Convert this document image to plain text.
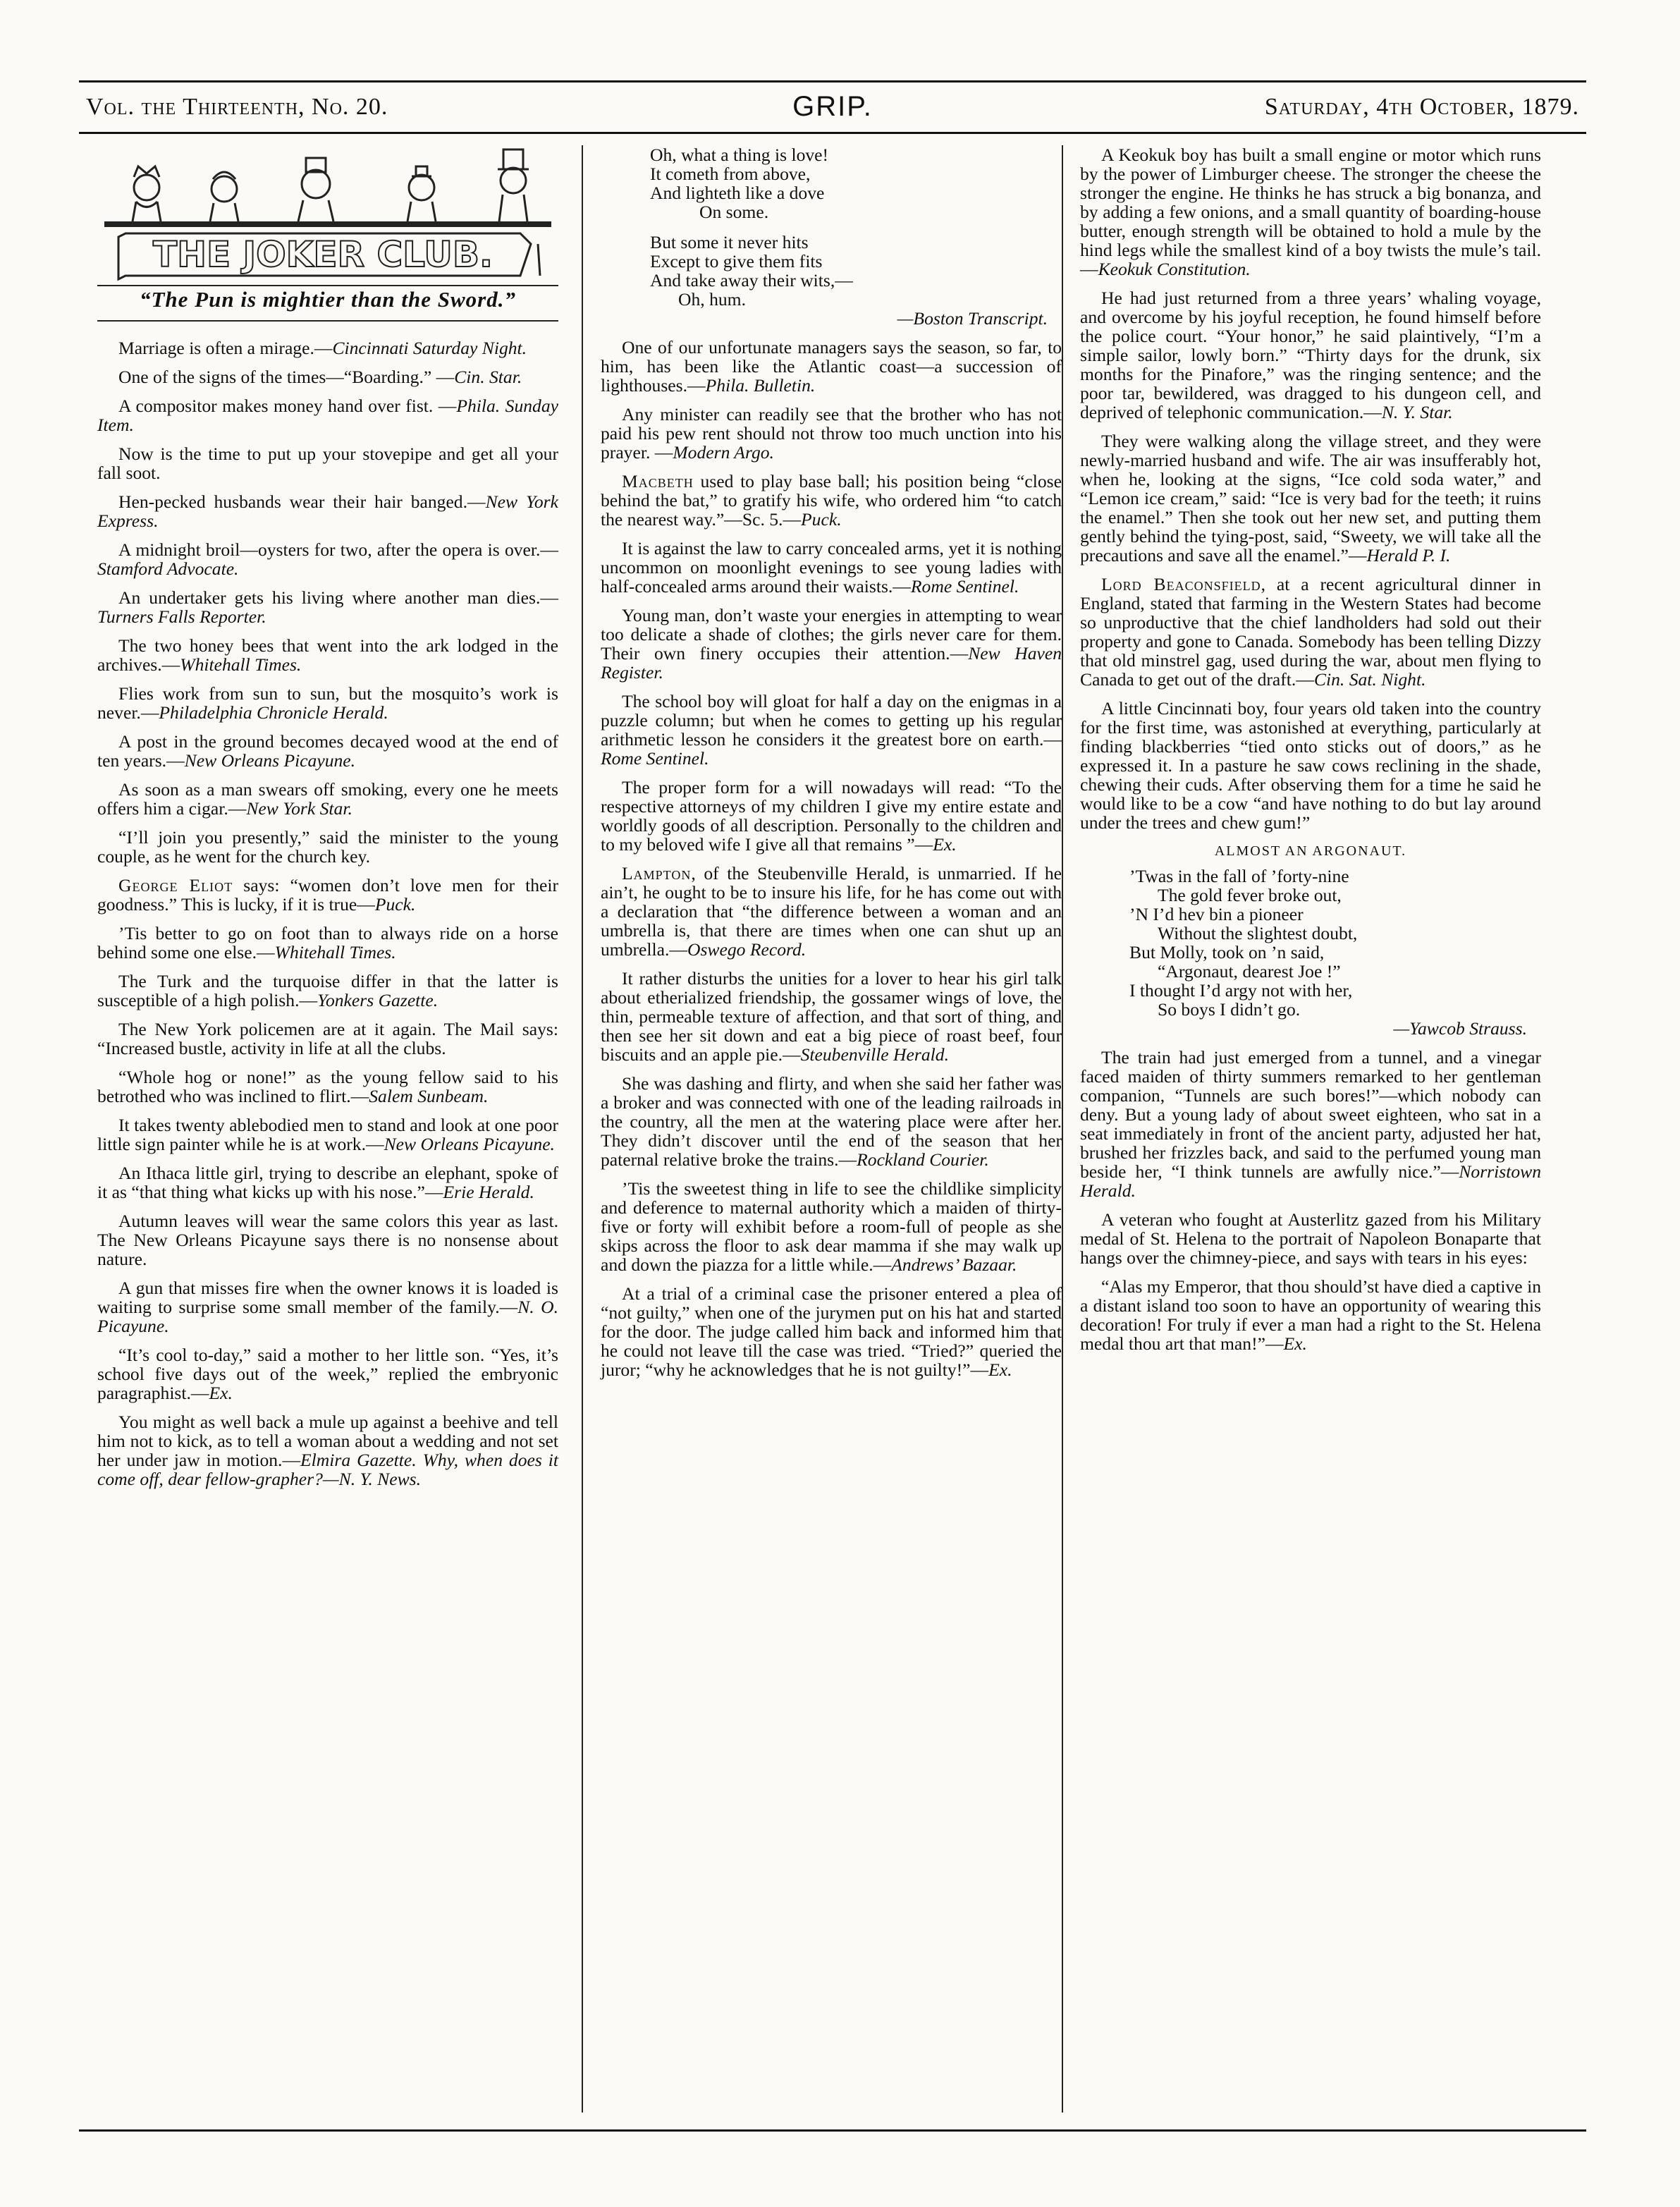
Vol. the Thirteenth, No. 20.	GRIP.	Saturday, 4th October, 1879.
THE JOKER CLUB.
“The Pun is mightier than the Sword.”

Marriage is often a mirage.—Cincinnati Saturday Night.

One of the signs of the times—“Boarding.” —Cin. Star.

A compositor makes money hand over fist. —Phila. Sunday Item.

Now is the time to put up your stovepipe and get all your fall soot.

Hen-pecked husbands wear their hair banged.—New York Express.

A midnight broil—oysters for two, after the opera is over.—Stamford Advocate.

An undertaker gets his living where another man dies.—Turners Falls Reporter.

The two honey bees that went into the ark lodged in the archives.—Whitehall Times.

Flies work from sun to sun, but the mosquito’s work is never.—Philadelphia Chronicle Herald.

A post in the ground becomes decayed wood at the end of ten years.—New Orleans Picayune.

As soon as a man swears off smoking, every one he meets offers him a cigar.—New York Star.

“I’ll join you presently,” said the minister to the young couple, as he went for the church key.

George Eliot says: “women don’t love men for their goodness.” This is lucky, if it is true—Puck.

’Tis better to go on foot than to always ride on a horse behind some one else.—Whitehall Times.

The Turk and the turquoise differ in that the latter is susceptible of a high polish.—Yonkers Gazette.

The New York policemen are at it again. The Mail says: “Increased bustle, activity in life at all the clubs.

“Whole hog or none!” as the young fellow said to his betrothed who was inclined to flirt.—Salem Sunbeam.

It takes twenty ablebodied men to stand and look at one poor little sign painter while he is at work.—New Orleans Picayune.

An Ithaca little girl, trying to describe an elephant, spoke of it as “that thing what kicks up with his nose.”—Erie Herald.

Autumn leaves will wear the same colors this year as last. The New Orleans Picayune says there is no nonsense about nature.

A gun that misses fire when the owner knows it is loaded is waiting to surprise some small member of the family.—N. O. Picayune.

“It’s cool to-day,” said a mother to her little son. “Yes, it’s school five days out of the week,” replied the embryonic paragraphist.—Ex.

You might as well back a mule up against a beehive and tell him not to kick, as to tell a woman about a wedding and not set her under jaw in motion.—Elmira Gazette. Why, when does it come off, dear fellow-grapher?—N. Y. News.

Oh, what a thing is love!
It cometh from above,
And lighteth like a dove
On some.
But some it never hits
Except to give them fits
And take away their wits,—
Oh, hum.
—Boston Transcript.

One of our unfortunate managers says the season, so far, to him, has been like the Atlantic coast—a succession of lighthouses.—Phila. Bulletin.

Any minister can readily see that the brother who has not paid his pew rent should not throw too much unction into his prayer. —Modern Argo.

Macbeth used to play base ball; his position being “close behind the bat,” to gratify his wife, who ordered him “to catch the nearest way.”—Sc. 5.—Puck.

It is against the law to carry concealed arms, yet it is nothing uncommon on moonlight evenings to see young ladies with half-concealed arms around their waists.—Rome Sentinel.

Young man, don’t waste your energies in attempting to wear too delicate a shade of clothes; the girls never care for them. Their own finery occupies their attention.—New Haven Register.

The school boy will gloat for half a day on the enigmas in a puzzle column; but when he comes to getting up his regular arithmetic lesson he considers it the greatest bore on earth.—Rome Sentinel.

The proper form for a will nowadays will read: “To the respective attorneys of my children I give my entire estate and worldly goods of all description. Personally to the children and to my beloved wife I give all that remains ”—Ex.

Lampton, of the Steubenville Herald, is unmarried. If he ain’t, he ought to be to insure his life, for he has come out with a declaration that “the difference between a woman and an umbrella is, that there are times when one can shut up an umbrella.—Oswego Record.

It rather disturbs the unities for a lover to hear his girl talk about etherialized friendship, the gossamer wings of love, the thin, permeable texture of affection, and that sort of thing, and then see her sit down and eat a big piece of roast beef, four biscuits and an apple pie.—Steubenville Herald.

She was dashing and flirty, and when she said her father was a broker and was connected with one of the leading railroads in the country, all the men at the watering place were after her. They didn’t discover until the end of the season that her paternal relative broke the trains.—Rockland Courier.

’Tis the sweetest thing in life to see the childlike simplicity and deference to maternal authority which a maiden of thirty-five or forty will exhibit before a room-full of people as she skips across the floor to ask dear mamma if she may walk up and down the piazza for a little while.—Andrews’ Bazaar.

At a trial of a criminal case the prisoner entered a plea of “not guilty,” when one of the jurymen put on his hat and started for the door. The judge called him back and informed him that he could not leave till the case was tried. “Tried?” queried the juror; “why he acknowledges that he is not guilty!”—Ex.

A Keokuk boy has built a small engine or motor which runs by the power of Limburger cheese. The stronger the cheese the stronger the engine. He thinks he has struck a big bonanza, and by adding a few onions, and a small quantity of boarding-house butter, enough strength will be obtained to hold a mule by the hind legs while the smallest kind of a boy twists the mule’s tail.—Keokuk Constitution.

He had just returned from a three years’ whaling voyage, and overcome by his joyful reception, he found himself before the police court. “Your honor,” he said plaintively, “I’m a simple sailor, lowly born.” “Thirty days for the drunk, six months for the Pinafore,” was the ringing sentence; and the poor tar, bewildered, was dragged to his dungeon cell, and deprived of telephonic communication.—N. Y. Star.

They were walking along the village street, and they were newly-married husband and wife. The air was insufferably hot, when he, looking at the signs, “Ice cold soda water,” and “Lemon ice cream,” said: “Ice is very bad for the teeth; it ruins the enamel.” Then she took out her new set, and putting them gently behind the tying-post, said, “Sweety, we will take all the precautions and save all the enamel.”—Herald P. I.

Lord Beaconsfield, at a recent agricultural dinner in England, stated that farming in the Western States had become so unproductive that the chief landholders had sold out their property and gone to Canada. Somebody has been telling Dizzy that old minstrel gag, used during the war, about men flying to Canada to get out of the draft.—Cin. Sat. Night.

A little Cincinnati boy, four years old taken into the country for the first time, was astonished at everything, particularly at finding blackberries “tied onto sticks out of doors,” as he expressed it. In a pasture he saw cows reclining in the shade, chewing their cuds. After observing them for a time he said he would like to be a cow “and have nothing to do but lay around under the trees and chew gum!”

ALMOST AN ARGONAUT.
’Twas in the fall of ’forty-nine
The gold fever broke out,
’N I’d hev bin a pioneer
Without the slightest doubt,
But Molly, took on ’n said,
“Argonaut, dearest Joe !”
I thought I’d argy not with her,
So boys I didn’t go.
—Yawcob Strauss.

The train had just emerged from a tunnel, and a vinegar faced maiden of thirty summers remarked to her gentleman companion, “Tunnels are such bores!”—which nobody can deny. But a young lady of about sweet eighteen, who sat in a seat immediately in front of the ancient party, adjusted her hat, brushed her frizzles back, and said to the perfumed young man beside her, “I think tunnels are awfully nice.”—Norristown Herald.

A veteran who fought at Austerlitz gazed from his Military medal of St. Helena to the portrait of Napoleon Bonaparte that hangs over the chimney-piece, and says with tears in his eyes:

“Alas my Emperor, that thou should’st have died a captive in a distant island too soon to have an opportunity of wearing this decoration! For truly if ever a man had a right to the St. Helena medal thou art that man!”—Ex.
